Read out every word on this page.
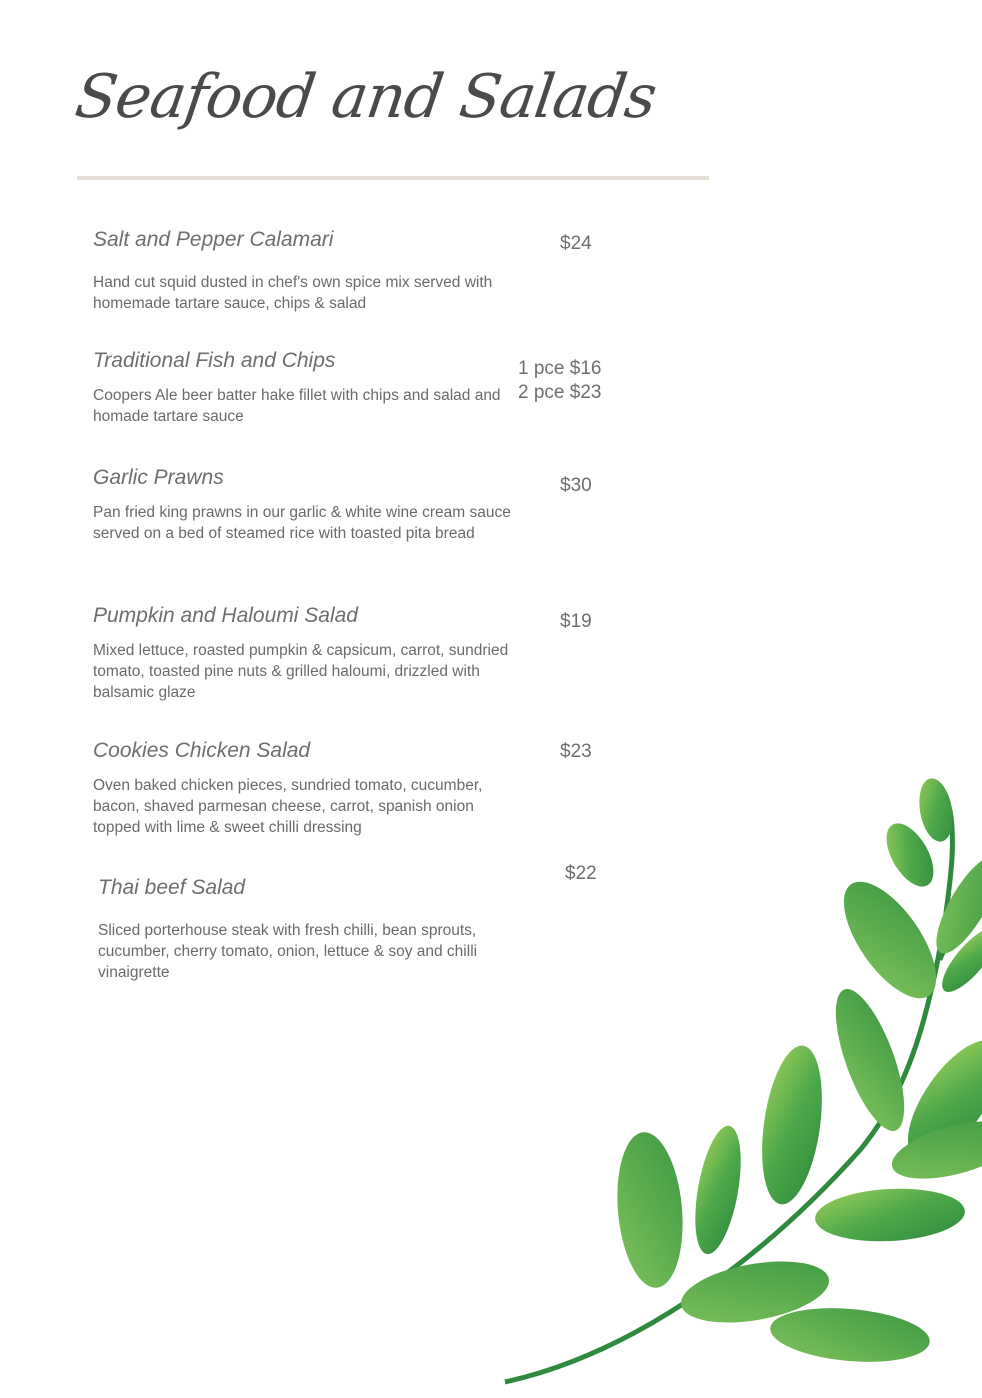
Seafood and Salads

Salt and Pepper Calamari

Hand cut squid dusted in chef's own spice mix served with homemade tartare sauce, chips & salad

$24

Traditional Fish and Chips

Coopers Ale beer batter hake fillet with chips and salad and homade tartare sauce

1 pce $16
2 pce $23

Garlic Prawns

Pan fried king prawns in our garlic & white wine cream sauce served on a bed of steamed rice with toasted pita bread

$30

Pumpkin and Haloumi Salad

Mixed lettuce, roasted pumpkin & capsicum, carrot, sundried tomato, toasted pine nuts & grilled haloumi, drizzled with balsamic glaze

$19

Cookies Chicken Salad

Oven baked chicken pieces, sundried tomato, cucumber, bacon, shaved parmesan cheese, carrot, spanish onion topped with lime & sweet chilli dressing

$23

Thai beef Salad

Sliced porterhouse steak with fresh chilli, bean sprouts, cucumber, cherry tomato, onion, lettuce & soy and chilli vinaigrette

$22
